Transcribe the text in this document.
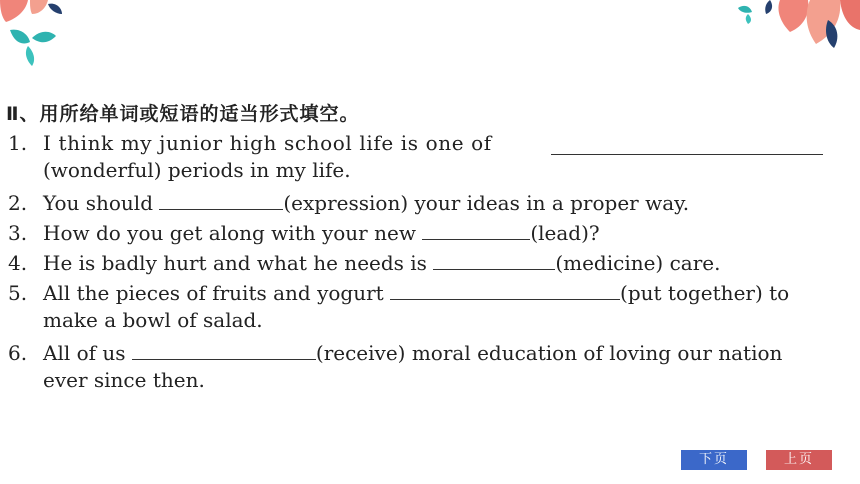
Ⅱ、用所给单词或短语的适当形式填空。
1. I think my junior high school life is one of
(wonderful) periods in my life.
2. You should	(expression) your ideas in a proper way.
3. How do you get along with your new	(lead)?
4. He is badly hurt and what he needs is	(medicine) care.
5. All the pieces of fruits and yogurt	(put together) to
make a bowl of salad.
6. All of us	(receive) moral education of loving our nation
ever since then.
下页	上页
